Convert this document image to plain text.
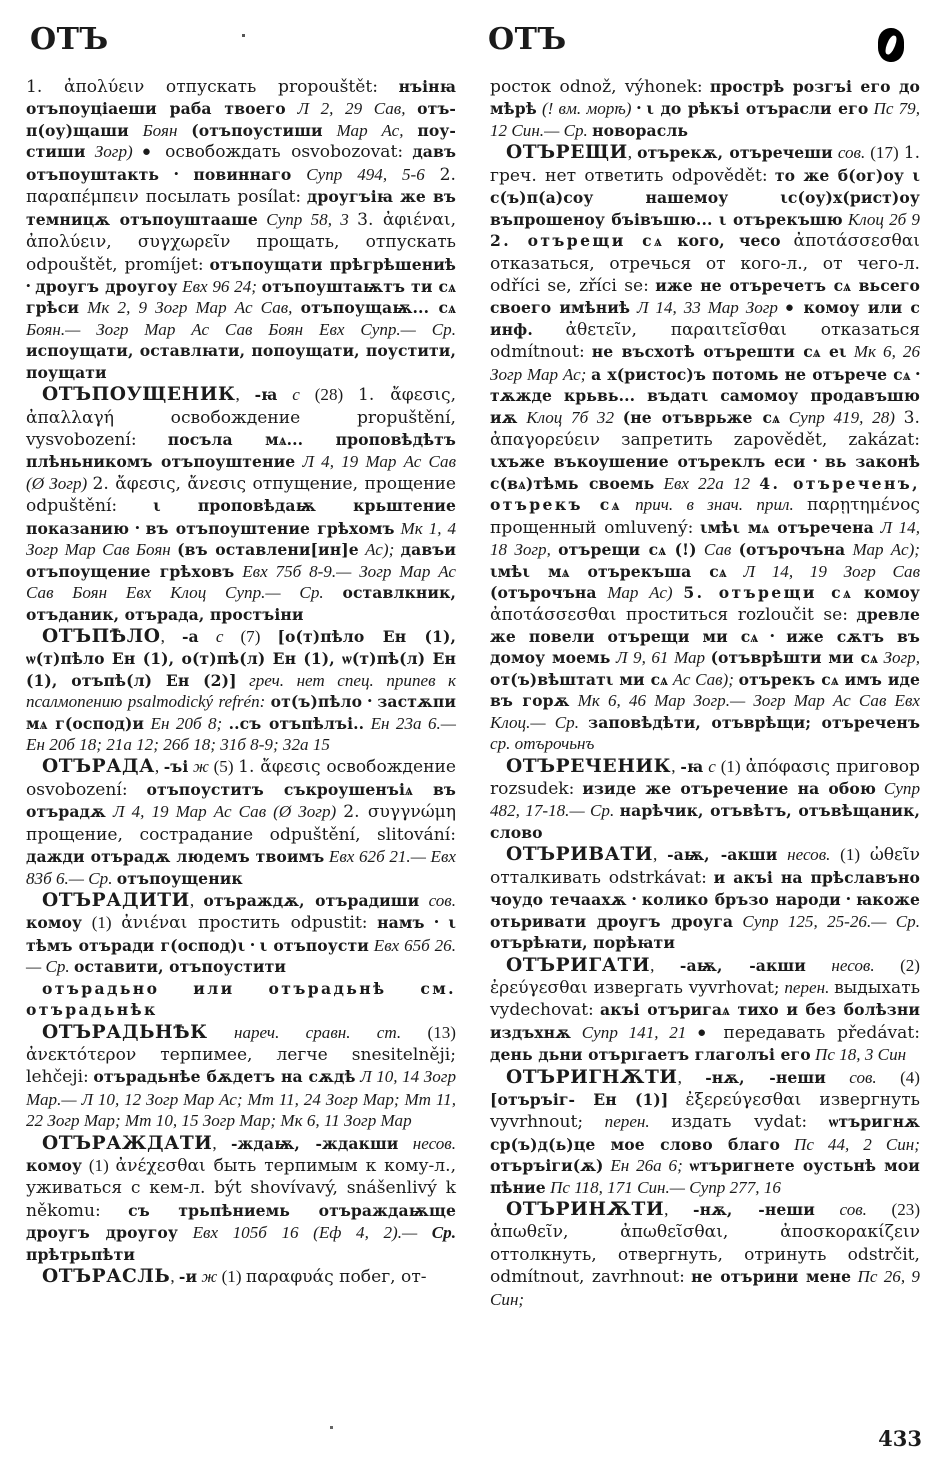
ОТЪ	ОТЪ

1. ἀπολύειν отпускать propouštět: нъінꙗ отъпоуціаеши раба твоего Л 2, 29 Сав, отъ-п(оу)щаши Боян (отъпоустиши Мар Ас, поу-стиши Зогр) ● освобождать osvobozovat: давъ отъпоуштакть • повиннаго Супр 494, 5-6 2. παραπέμπειν посылать posílat: дроугъіꙗ же въ темницѫ отъпоуштааше Супр 58, 3 3. ἀφιέναι, ἀπολύειν, συγχωρεῖν прощать, отпускать odpouštět, promíjet: отъпоущати прѣгрѣшениѣ • дроугъ дроугоу Евх 96 24; отъпоуштаѭтъ ти сѧ грѣси Мк 2, 9 Зогр Мар Ас Сав, отъпоущаѭ... сѧ Боян.— Зогр Мар Ас Сав Боян Евх Супр.— Ср. испоущати, оставлꙗти, попоущати, поустити, поущати

ОТЪПОУЩЕНИК, -ꙗ с (28) 1. ἄφεσις, ἀπαλλαγή освобождение propuštění, vysvobození: посъла мѧ... проповѣдѣтъ плѣньникомъ отъпоуштение Л 4, 19 Мар Ас Сав (Ø Зогр) 2. ἄφεσις, ἄνεσις отпущение, прощение odpuštění: ι проповѣдаѭ крьштение показанию • въ отъпоуштение грѣхомъ Мк 1, 4 Зогр Мар Сав Боян (въ оставлени[ин]е Ас); давъи отъпоущение грѣховъ Евх 75б 8-9.— Зогр Мар Ас Сав Боян Евх Клоц Супр.— Ср. оставлкник, отъданик, отърада, простъіни

ОТЪПѢЛО, -а с (7) [о(т)пѣло Ен (1), ѡ(т)пѣло Ен (1), о(т)пѣ(л) Ен (1), ѡ(т)пѣ(л) Ен (1), отъпѣ(л) Ен (2)] греч. нет спец. припев к псалмопению psalmodický refrén: от(ъ)пѣло • застѫпи мѧ г(оспод)и Ен 20б 8; ..съ отъпѣлъі.. Ен 23а 6.— Ен 20б 18; 21а 12; 26б 18; 31б 8-9; 32а 15

ОТЪРАДА, -ъі ж (5) 1. ἄφεσις освобождение osvobození: отъпоуститъ съкроушенъіѧ въ отърадѫ Л 4, 19 Мар Ас Сав (Ø Зогр) 2. συγγνώμη прощение, сострадание odpuštění, slitování: дажди отърадѫ людемъ твоимъ Евх 62б 21.— Евх 83б 6.— Ср. отъпоущеник

ОТЪРАДИТИ, отъраждѫ, отърадиши сов. комоу (1) ἀνιέναι простить odpustit: намъ • ι тѣмъ отъради г(оспод)ι • ι отъпоусти Евх 65б 26.— Ср. оставити, отъпоустити

отърадьно или отърадьнѣ см. отърадьнѣк

ОТЪРАДЬНѢК нареч. сравн. ст. (13) ἀνεκτότερον терпимее, легче snesitelněji; lehčeji: отърадьнѣе бѫдетъ на сѫдѣ Л 10, 14 Зогр Мар.— Л 10, 12 Зогр Мар Ас; Мт 11, 24 Зогр Мар; Мт 11, 22 Зогр Мар; Мт 10, 15 Зогр Мар; Мк 6, 11 Зогр Мар

ОТЪРАЖДАТИ, -ждаѭ, -ждакши несов. комоу (1) ἀνέχεσθαι быть терпимым к кому-л., уживаться с кем-л. být shovívavý, snášenlivý k někomu: съ трьпѣниемь отъраждаѭще дроугъ дроугоу Евх 105б 16 (Еф 4, 2).— Ср. прѣтрьпѣти

ОТЪРАСЛЬ, -и ж (1) παραφυάς побег, от-

росток odnož, výhonek: прострѣ розгъі его до мѣрѣ (! вм. морѣ) • ι до рѣкъі отърасли его Пс 79, 12 Син.— Ср. новорасль

ОТЪРЕЩИ, отърекѫ, отъречеши сов. (17) 1. греч. нет ответить odpovědět: то же б(ог)оу ι с(ъ)п(а)соу нашемоу ιс(оу)х(рист)оу въпрошеноу бъівъшю... ι отърекъшю Клоц 2б 9 2. отърещи сѧ кого, чесо ἀποτάσσεσθαι отказаться, отречься от кого-л., от чего-л. odříci se, zříci se: иже не отъречетъ сѧ вьсего своего имѣниѣ Л 14, 33 Мар Зогр ● комоу или с инф. ἀθετεῖν, παραιτεῖσθαι отказаться odmítnout: не въсхотѣ отърешти сѧ еι Мк 6, 26 Зогр Мар Ас; а х(ристос)ъ потомь не отърече сѧ • тѫжде крьвь... въдатι самомоу продавъшю иѫ Клоц 7б 32 (не отъврьже сѧ Супр 419, 28) 3. ἀπαγορεύειν запретить zapovědět, zakázat: ιхъже въкоушение отърeклъ еси • вь законѣ с(вѧ)тѣмь своемь Евх 22а 12 4. отъреченъ, отърекъ сѧ прич. в знач. прил. παρῃτημένος прощенный omluvený: ιмѣι мѧ отъречена Л 14, 18 Зогр, отърещи сѧ (!) Сав (отърочъна Мар Ас); ιмѣι мѧ отърекъша сѧ Л 14, 19 Зогр Сав (отърочъна Мар Ас) 5. отърещи сѧ комоу ἀποτάσσεσθαι проститься rozloučit se: древле же повели отърещи ми сѧ • иже сѫтъ въ домоу моемь Л 9, 61 Мар (отъврѣшти ми сѧ Зогр, от(ъ)вѣштатι ми сѧ Ас Сав); отърекъ сѧ имъ иде въ горѫ Мк 6, 46 Мар Зогр.— Зогр Мар Ас Сав Евх Клоц.— Ср. заповѣдѣти, отъврѣщи; отъреченъ ср. отърочьнъ

ОТЪРЕЧЕНИК, -ꙗ с (1) ἀπόφασις приговор rozsudek: изиде же отъречение на обою Супр 482, 17-18.— Ср. нарѣчик, отъвѣтъ, отъвѣщаник, слово

ОТЪРИВАТИ, -аѭ, -акши несов. (1) ὠθεῖν отталкивать odstrkávat: и акъі на прѣславъно чоудо течаахѫ • колико бръзо народи • ꙗкоже отьривати дроугъ дроуга Супр 125, 25-26.— Ср. отърѣꙗти, порѣꙗти

ОТЪРИГАТИ, -аѭ, -акши несов. (2) ἐρεύγεσθαι извергать vyvrhovat; перен. выдыхать vydechovat: акъі отъригаѧ тихо и без болѣзни издъхнѫ Супр 141, 21 ● передавать předávat: день дьни отърıгаетъ глаголъі его Пс 18, 3 Син

ОТЪРИГНѪТИ, -нѫ, -неши сов. (4) [отъръіг- Ен (1)] ἐξερεύγεσθαι извергнуть vyvrhnout; перен. издать vydat: ѡтъригнѫ ср(ъ)д(ь)це мое слово благо Пс 44, 2 Син; отъръіги(ѫ) Ен 26а 6; ѡтъригнете оустьнѣ мои пѣние Пс 118, 171 Син.— Супр 277, 16

ОТЪРИНѪТИ, -нѫ, -неши сов. (23) ἀπωθεῖν, ἀπωθεῖσθαι, ἀποσκορακίζειν оттолкнуть, отвергнуть, отринуть odstrčit, odmítnout, zavrhnout: не отърини мене Пс 26, 9 Син;

433
